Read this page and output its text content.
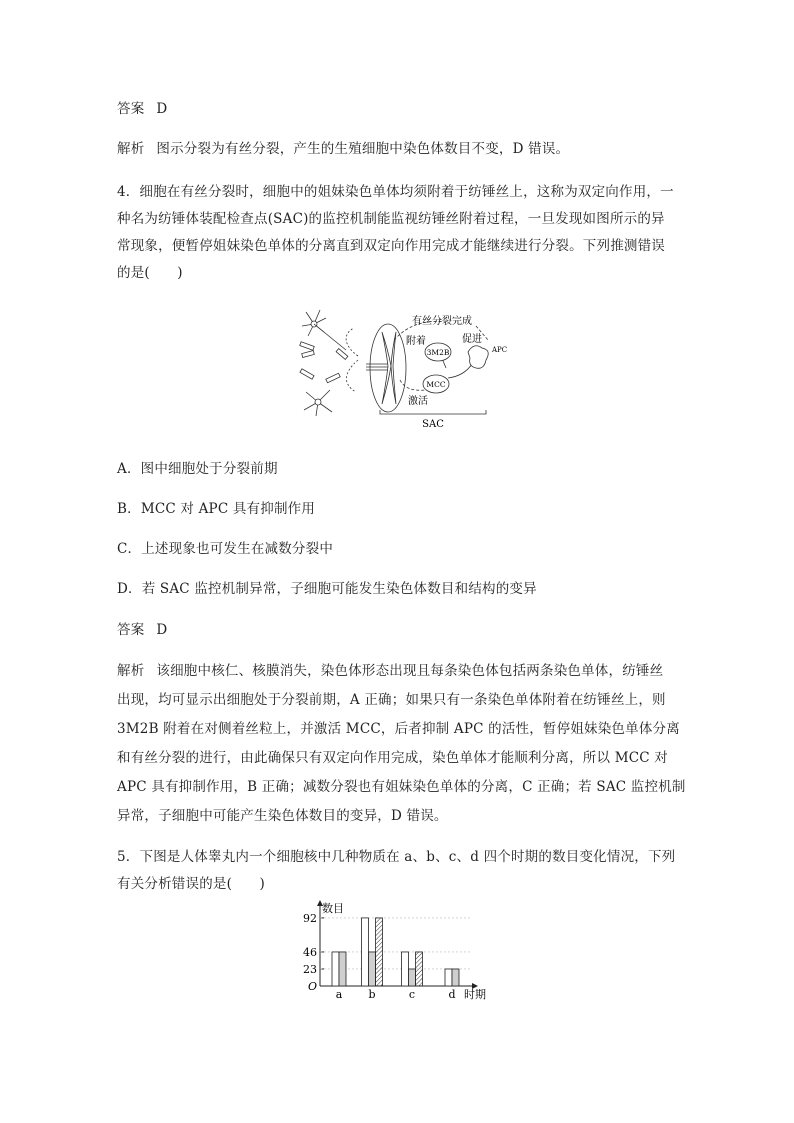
答案 D
解析 图示分裂为有丝分裂，产生的生殖细胞中染色体数目不变，D 错误。
4．细胞在有丝分裂时，细胞中的姐妹染色单体均须附着于纺锤丝上，这称为双定向作用，一
种名为纺锤体装配检查点(SAC)的监控机制能监视纺锤丝附着过程，一旦发现如图所示的异
常现象，便暂停姐妹染色单体的分离直到双定向作用完成才能继续进行分裂。下列推测错误
的是(　　)
3M2B
MCC
APC
有丝分裂完成
附着	促进
激活
SAC
A．图中细胞处于分裂前期
B．MCC 对 APC 具有抑制作用
C．上述现象也可发生在减数分裂中
D．若 SAC 监控机制异常，子细胞可能发生染色体数目和结构的变异
答案 D
解析 该细胞中核仁、核膜消失，染色体形态出现且每条染色体包括两条染色单体，纺锤丝
出现，均可显示出细胞处于分裂前期，A 正确；如果只有一条染色单体附着在纺锤丝上，则
3M2B 附着在对侧着丝粒上，并激活 MCC，后者抑制 APC 的活性，暂停姐妹染色单体分离
和有丝分裂的进行，由此确保只有双定向作用完成，染色单体才能顺利分离，所以 MCC 对
APC 具有抑制作用，B 正确；减数分裂也有姐妹染色单体的分离，C 正确；若 SAC 监控机制
异常，子细胞中可能产生染色体数目的变异，D 错误。
5．下图是人体睾丸内一个细胞核中几种物质在 a、b、c、d 四个时期的数目变化情况，下列
有关分析错误的是(　　)
数目
时期
O
23
46
92
a b	c	d
